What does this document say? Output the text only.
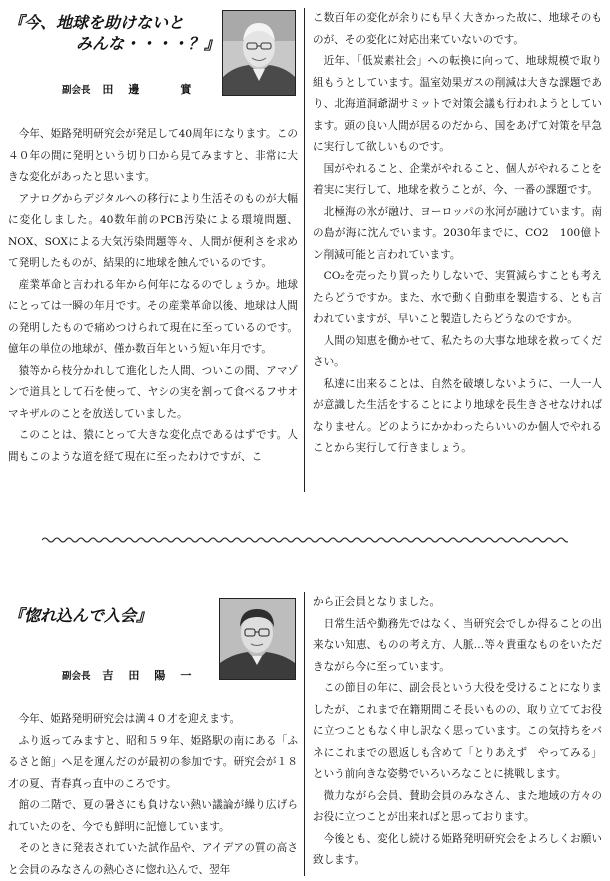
『今、地球を助けないと
みんな・・・・？』
副会長 田邊　實

今年、姫路発明研究会が発足して40周年になります。この４０年の間に発明という切り口から見てみますと、非常に大きな変化があったと思います。

アナログからデジタルへの移行により生活そのものが大幅に変化しました。40数年前のPCB汚染による環境問題、NOX、SOXによる大気汚染問題等々、人間が便利さを求めて発明したものが、結果的に地球を蝕んでいるのです。

産業革命と言われる年から何年になるのでしょうか。地球にとっては一瞬の年月です。その産業革命以後、地球は人間の発明したもので痛めつけられて現在に至っているのです。億年の単位の地球が、僅か数百年という短い年月です。

猿等から枝分かれして進化した人間、ついこの間、アマゾンで道具として石を使って、ヤシの実を割って食べるフサオマキザルのことを放送していました。

このことは、猿にとって大きな変化点であるはずです。人間もこのような道を経て現在に至ったわけですが、こ

こ数百年の変化が余りにも早く大きかった故に、地球そのものが、その変化に対応出来ていないのです。

近年、「低炭素社会」への転換に向って、地球規模で取り組もうとしています。温室効果ガスの削減は大きな課題であり、北海道洞爺湖サミットで対策会議も行われようとしています。頭の良い人間が居るのだから、国をあげて対策を早急に実行して欲しいものです。

国がやれること、企業がやれること、個人がやれることを着実に実行して、地球を救うことが、今、一番の課題です。

北極海の氷が融け、ヨーロッパの氷河が融けています。南の島が海に沈んでいます。2030年までに、CO2　100億トン削減可能と言われています。

CO₂を売ったり買ったりしないで、実質減らすことも考えたらどうですか。また、水で動く自動車を製造する、とも言われていますが、早いこと製造したらどうなのですか。

人間の知恵を働かせて、私たちの大事な地球を救ってください。

私達に出来ることは、自然を破壊しないように、一人一人が意識した生活をすることにより地球を長生きさせなければなりません。どのようにかかわったらいいのか個人でやれることから実行して行きましょう。

『惚れ込んで入会』
副会長 吉田陽一

今年、姫路発明研究会は満４０才を迎えます。

ふり返ってみますと、昭和５９年、姫路駅の南にある「ふるさと館」へ足を運んだのが最初の参加です。研究会が１８才の夏、青春真っ直中のころです。

館の二階で、夏の暑さにも負けない熱い議論が繰り広げられていたのを、今でも鮮明に記憶しています。

そのときに発表されていた試作品や、アイデアの質の高さと会員のみなさんの熱心さに惚れ込んで、翌年

から正会員となりました。

日常生活や勤務先ではなく、当研究会でしか得ることの出来ない知恵、ものの考え方、人脈…等々貴重なものをいただきながら今に至っています。

この節目の年に、副会長という大役を受けることになりましたが、これまで在籍期間こそ長いものの、取り立ててお役に立つこともなく申し訳なく思っています。この気持ちをバネにこれまでの恩返しも含めて「とりあえず　やってみる」という前向きな姿勢でいろいろなことに挑戦します。

微力ながら会員、賛助会員のみなさん、また地域の方々のお役に立つことが出来ればと思っております。

今後とも、変化し続ける姫路発明研究会をよろしくお願い致します。
